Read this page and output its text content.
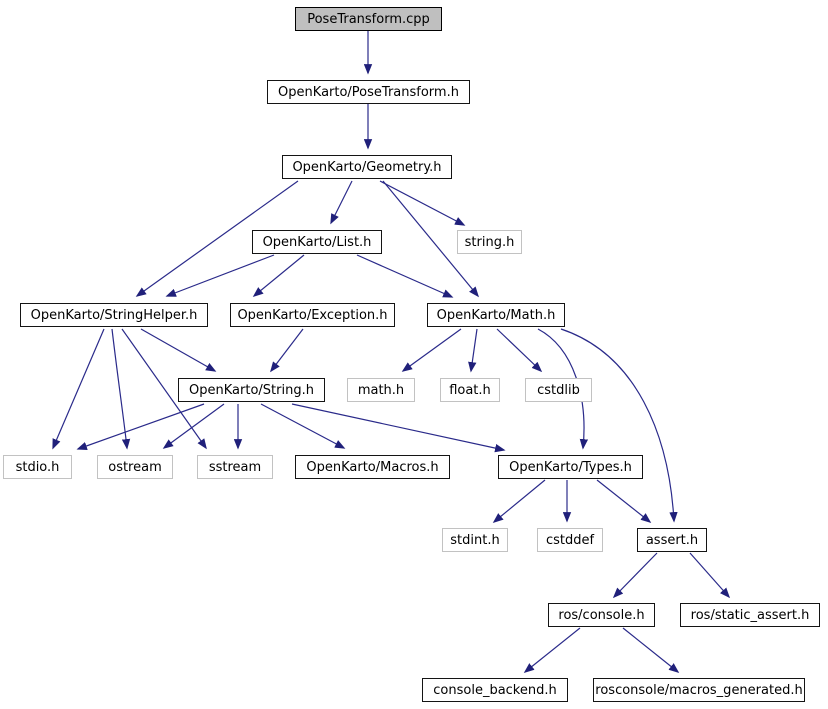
PoseTransform.cpp
OpenKarto/PoseTransform.h
OpenKarto/Geometry.h
OpenKarto/List.h	string.h
OpenKarto/StringHelper.h	OpenKarto/Exception.h	OpenKarto/Math.h
OpenKarto/String.h	math.h	float.h	cstdlib
stdio.h	ostream	sstream	OpenKarto/Macros.h	OpenKarto/Types.h
stdint.h	cstddef	assert.h
ros/console.h	ros/static_assert.h
console_backend.h	rosconsole/macros_generated.h
